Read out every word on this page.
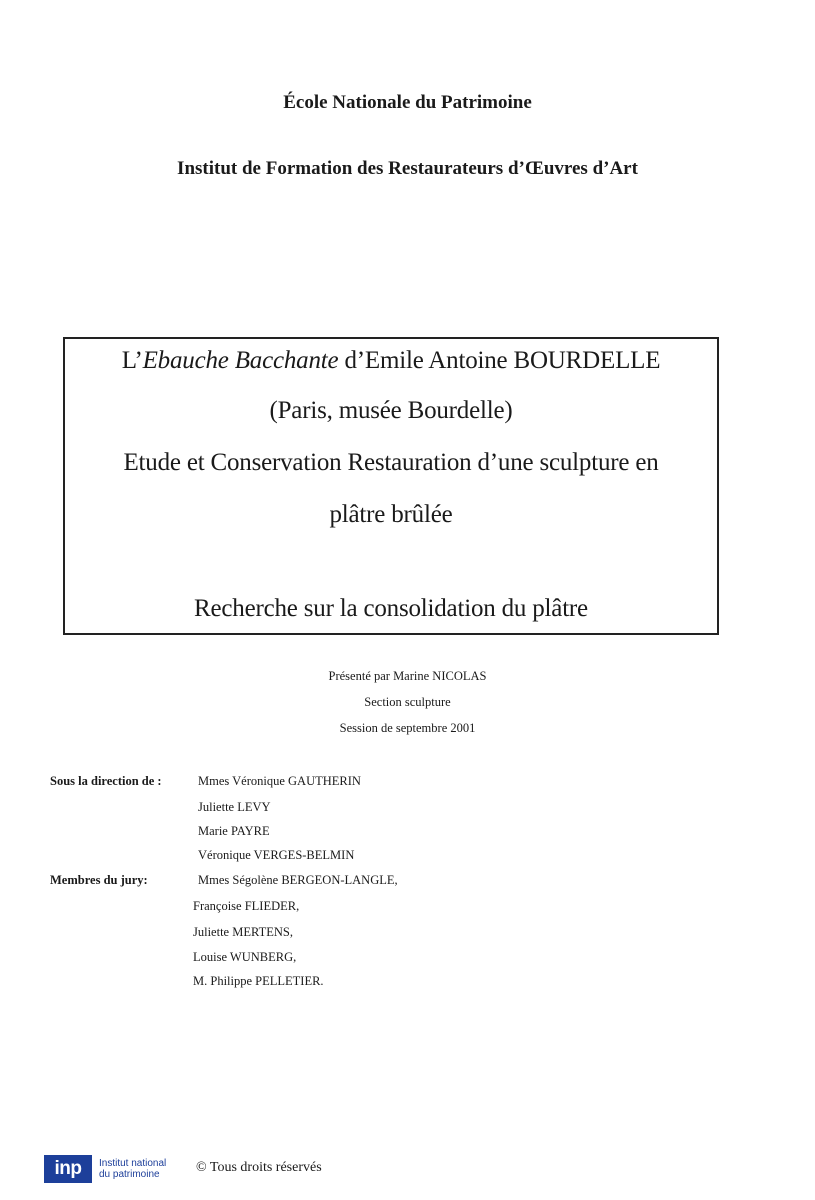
École Nationale du Patrimoine
Institut de Formation des Restaurateurs d’Œuvres d’Art
L’Ebauche Bacchante d’Emile Antoine BOURDELLE
(Paris, musée Bourdelle)
Etude et Conservation Restauration d’une sculpture en
plâtre brûlée
Recherche sur la consolidation du plâtre
Présenté par Marine NICOLAS
Section sculpture
Session de septembre 2001
Sous la direction de :	Mmes Véronique GAUTHERIN
Juliette LEVY
Marie PAYRE
Véronique VERGES-BELMIN
Membres du jury:	Mmes Ségolène BERGEON-LANGLE,
Françoise FLIEDER,
Juliette MERTENS,
Louise WUNBERG,
M. Philippe PELLETIER.
inp	Institut national
du patrimoine	© Tous droits réservés
